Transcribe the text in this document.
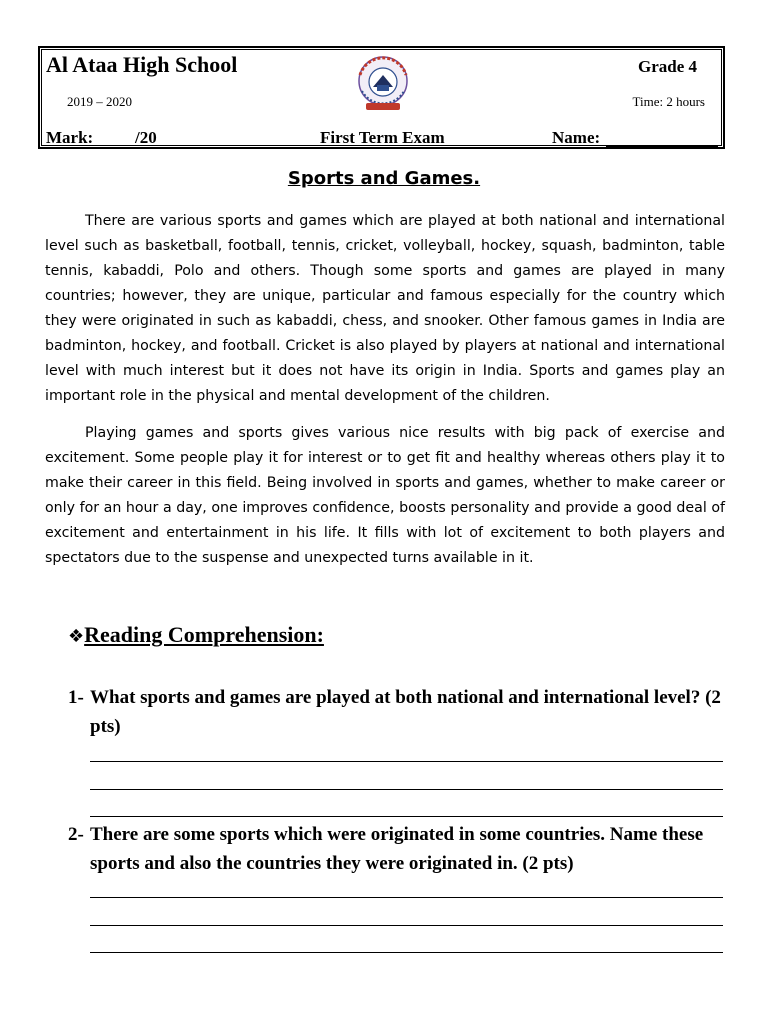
Al Ataa High School	Grade 4
2019 – 2020	Time: 2 hours
Mark: /20	First Term Exam	Name:
Sports and Games.

There are various sports and games which are played at both national and international level such as basketball, football, tennis, cricket, volleyball, hockey, squash, badminton, table tennis, kabaddi, Polo and others. Though some sports and games are played in many countries; however, they are unique, particular and famous especially for the country which they were originated in such as kabaddi, chess, and snooker. Other famous games in India are badminton, hockey, and football. Cricket is also played by players at national and international level with much interest but it does not have its origin in India. Sports and games play an important role in the physical and mental development of the children.

Playing games and sports gives various nice results with big pack of exercise and excitement. Some people play it for interest or to get fit and healthy whereas others play it to make their career in this field. Being involved in sports and games, whether to make career or only for an hour a day, one improves confidence, boosts personality and provide a good deal of excitement and entertainment in his life. It fills with lot of excitement to both players and spectators due to the suspense and unexpected turns available in it.

❖Reading Comprehension:
1- What sports and games are played at both national and international level? (2 pts)
2- There are some sports which were originated in some countries. Name these sports and also the countries they were originated in. (2 pts)
